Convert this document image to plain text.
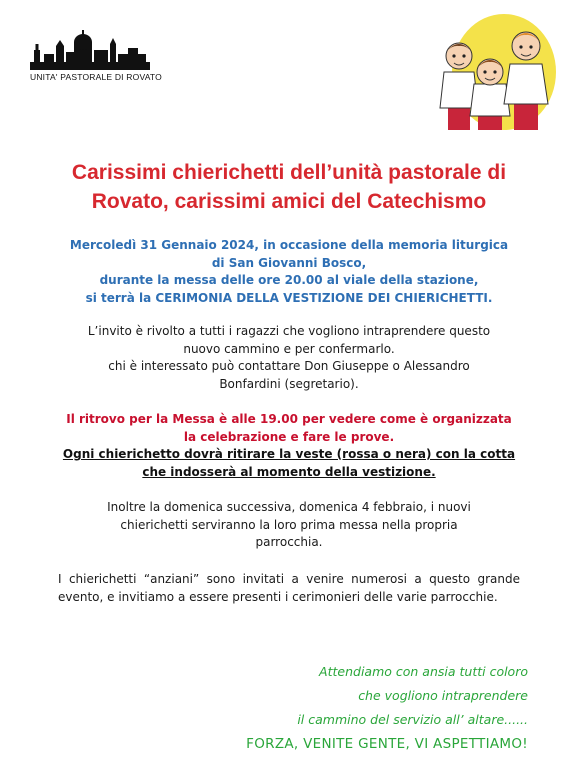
UNITA' PASTORALE DI ROVATO
Carissimi chierichetti dell’unità pastorale di
Rovato, carissimi amici del Catechismo
Mercoledì 31 Gennaio 2024, in occasione della memoria liturgica
di San Giovanni Bosco,
durante la messa delle ore 20.00 al viale della stazione,
si terrà la CERIMONIA DELLA VESTIZIONE DEI CHIERICHETTI.
L’invito è rivolto a tutti i ragazzi che vogliono intraprendere questo
nuovo cammino e per confermarlo.
chi è interessato può contattare Don Giuseppe o Alessandro
Bonfardini (segretario).
Il ritrovo per la Messa è alle 19.00 per vedere come è organizzata
la celebrazione e fare le prove.
Ogni chierichetto dovrà ritirare la veste (rossa o nera) con la cotta
che indosserà al momento della vestizione.
Inoltre la domenica successiva, domenica 4 febbraio, i nuovi
chierichetti serviranno la loro prima messa nella propria
parrocchia.
I chierichetti “anziani” sono invitati a venire numerosi a questo grande evento, e invitiamo a essere presenti i cerimonieri delle varie parrocchie.
Attendiamo con ansia tutti coloro
che vogliono intraprendere
il cammino del servizio all’ altare......
FORZA, VENITE GENTE, VI ASPETTIAMO!
